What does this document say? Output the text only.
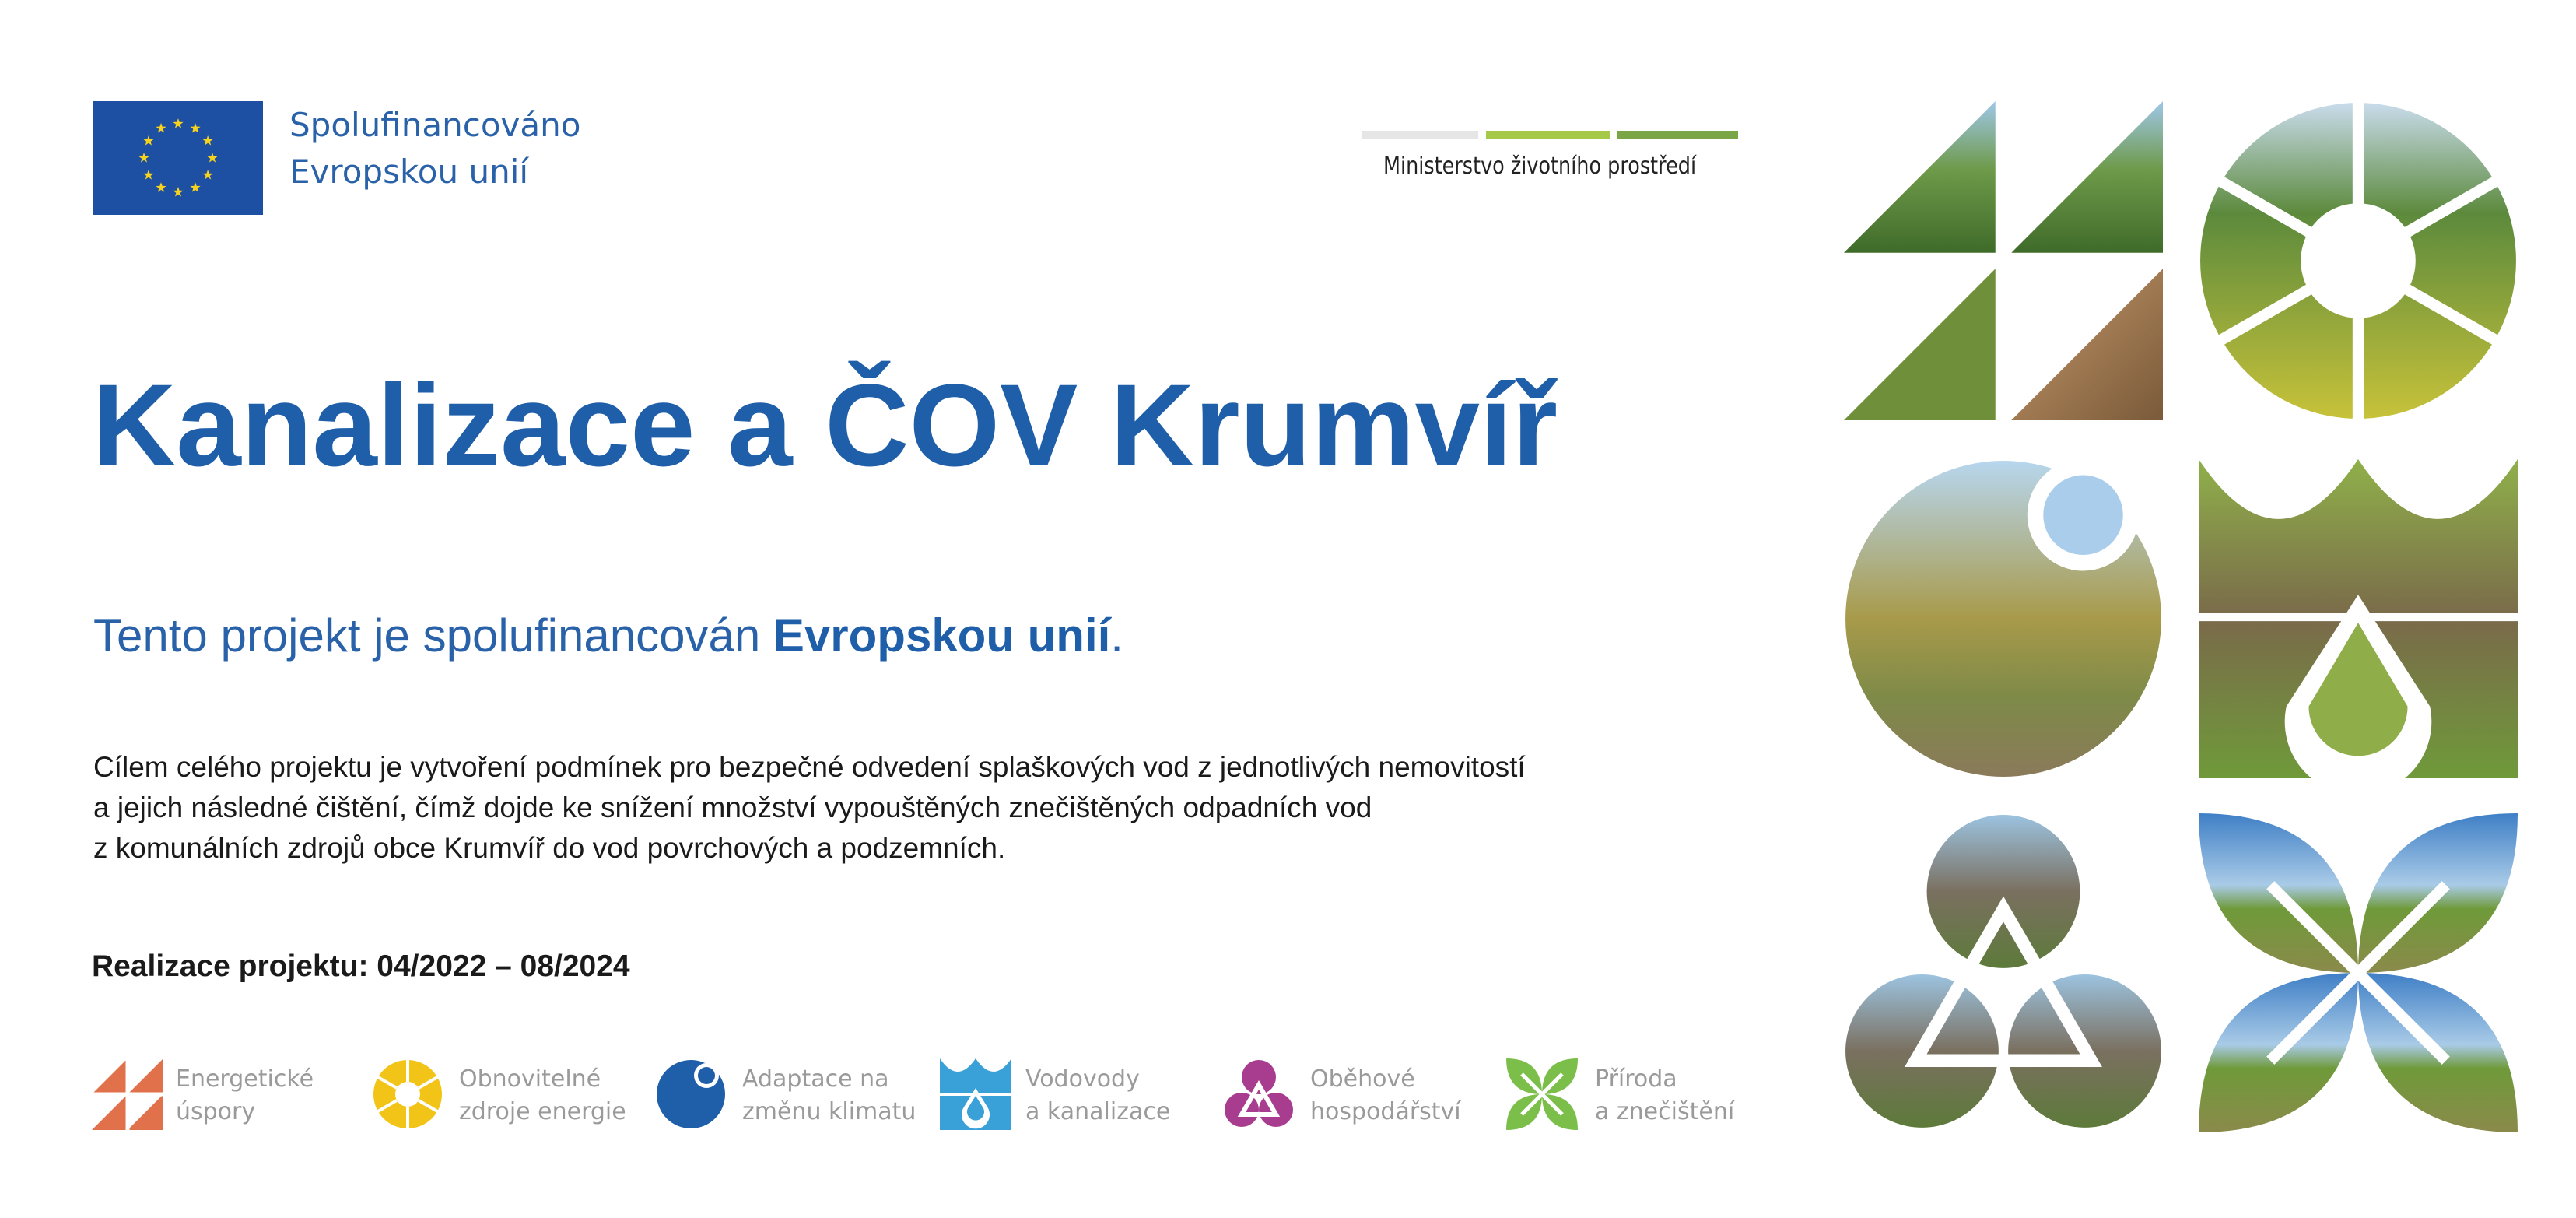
Spolufinancováno
Evropskou unií	Ministerstvo životního prostředí
Kanalizace a ČOV Krumvíř
Tento projekt je spolufinancován Evropskou unií.
Cílem celého projektu je vytvoření podmínek pro bezpečné odvedení splaškových vod z jednotlivých nemovitostí
a jejich následné čištění, čímž dojde ke snížení množství vypouštěných znečištěných odpadních vod
z komunálních zdrojů obce Krumvíř do vod povrchových a podzemních.
Realizace projektu: 04/2022 – 08/2024
Energetické
úspory
Obnovitelné
zdroje energie
Adaptace na
změnu klimatu
Vodovody
a kanalizace
Oběhové
hospodářství
Příroda
a znečištění
